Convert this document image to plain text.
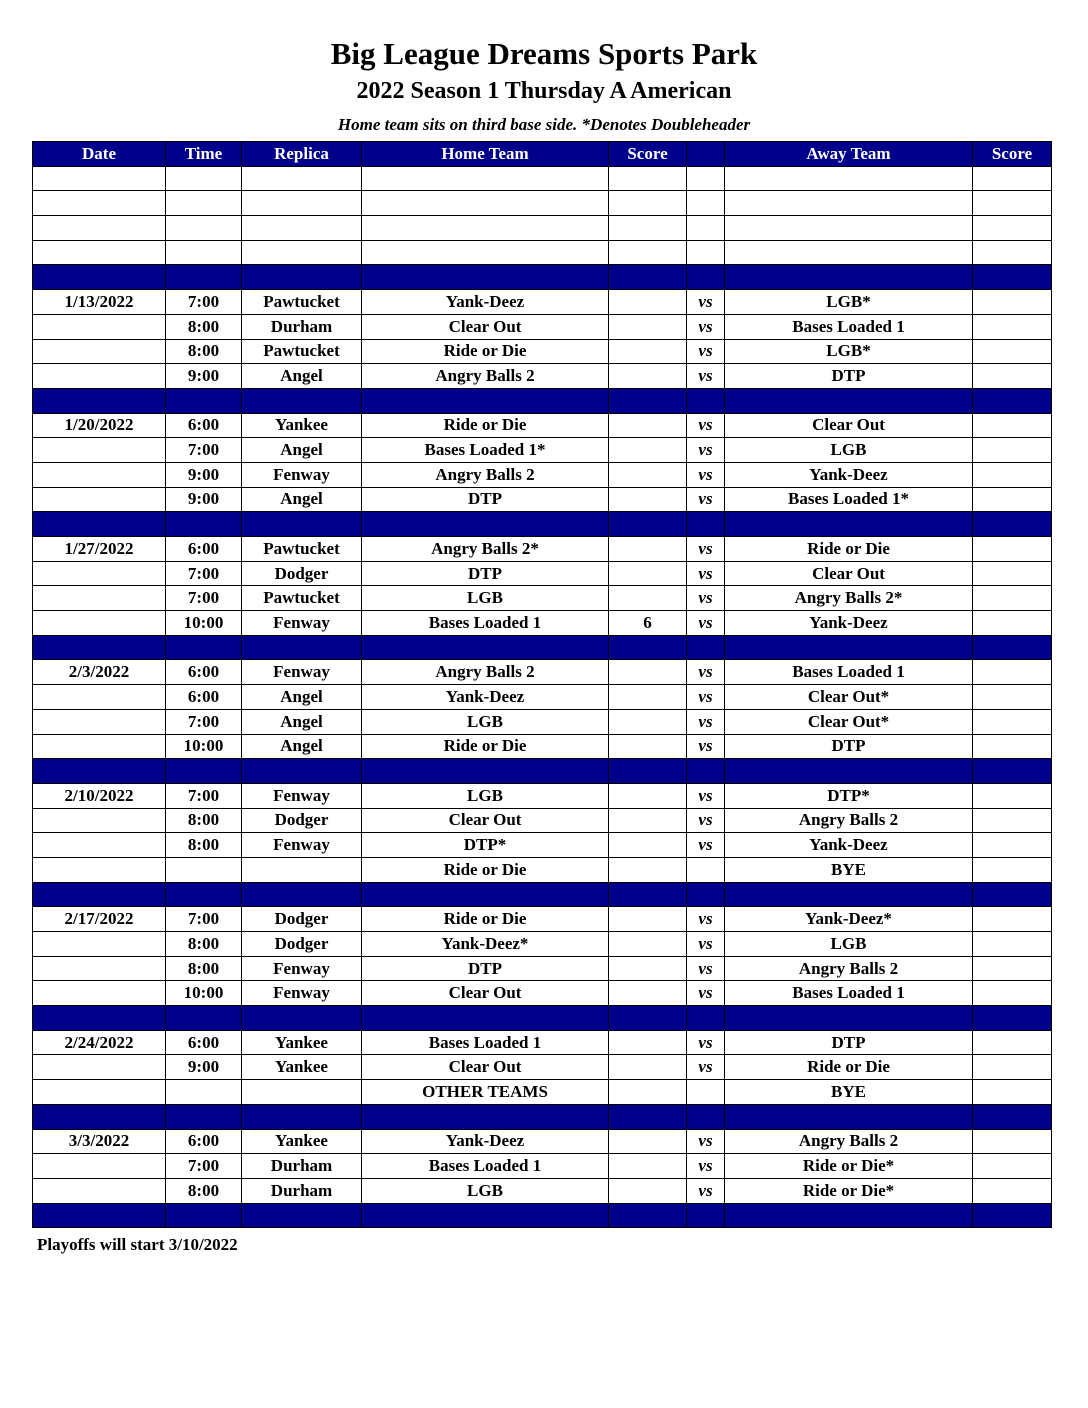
Big League Dreams Sports Park
2022 Season 1 Thursday A American
Home team sits on third base side. *Denotes Doubleheader
Date	Time	Replica	Home Team	Score		Away Team	Score

1/13/2022	7:00	Pawtucket	Yank-Deez		vs	LGB*	
	8:00	Durham	Clear Out		vs	Bases Loaded 1	
	8:00	Pawtucket	Ride or Die		vs	LGB*	
	9:00	Angel	Angry Balls 2		vs	DTP	

1/20/2022	6:00	Yankee	Ride or Die		vs	Clear Out	
	7:00	Angel	Bases Loaded 1*		vs	LGB	
	9:00	Fenway	Angry Balls 2		vs	Yank-Deez	
	9:00	Angel	DTP		vs	Bases Loaded 1*	

1/27/2022	6:00	Pawtucket	Angry Balls 2*		vs	Ride or Die	
	7:00	Dodger	DTP		vs	Clear Out	
	7:00	Pawtucket	LGB		vs	Angry Balls 2*	
	10:00	Fenway	Bases Loaded 1	6	vs	Yank-Deez	

2/3/2022	6:00	Fenway	Angry Balls 2		vs	Bases Loaded 1	
	6:00	Angel	Yank-Deez		vs	Clear Out*	
	7:00	Angel	LGB		vs	Clear Out*	
	10:00	Angel	Ride or Die		vs	DTP	

2/10/2022	7:00	Fenway	LGB		vs	DTP*	
	8:00	Dodger	Clear Out		vs	Angry Balls 2	
	8:00	Fenway	DTP*		vs	Yank-Deez	
			Ride or Die			BYE	

2/17/2022	7:00	Dodger	Ride or Die		vs	Yank-Deez*	
	8:00	Dodger	Yank-Deez*		vs	LGB	
	8:00	Fenway	DTP		vs	Angry Balls 2	
	10:00	Fenway	Clear Out		vs	Bases Loaded 1	

2/24/2022	6:00	Yankee	Bases Loaded 1		vs	DTP	
	9:00	Yankee	Clear Out		vs	Ride or Die	
			OTHER TEAMS			BYE	

3/3/2022	6:00	Yankee	Yank-Deez		vs	Angry Balls 2	
	7:00	Durham	Bases Loaded 1		vs	Ride or Die*	
	8:00	Durham	LGB		vs	Ride or Die*	

Playoffs will start 3/10/2022
